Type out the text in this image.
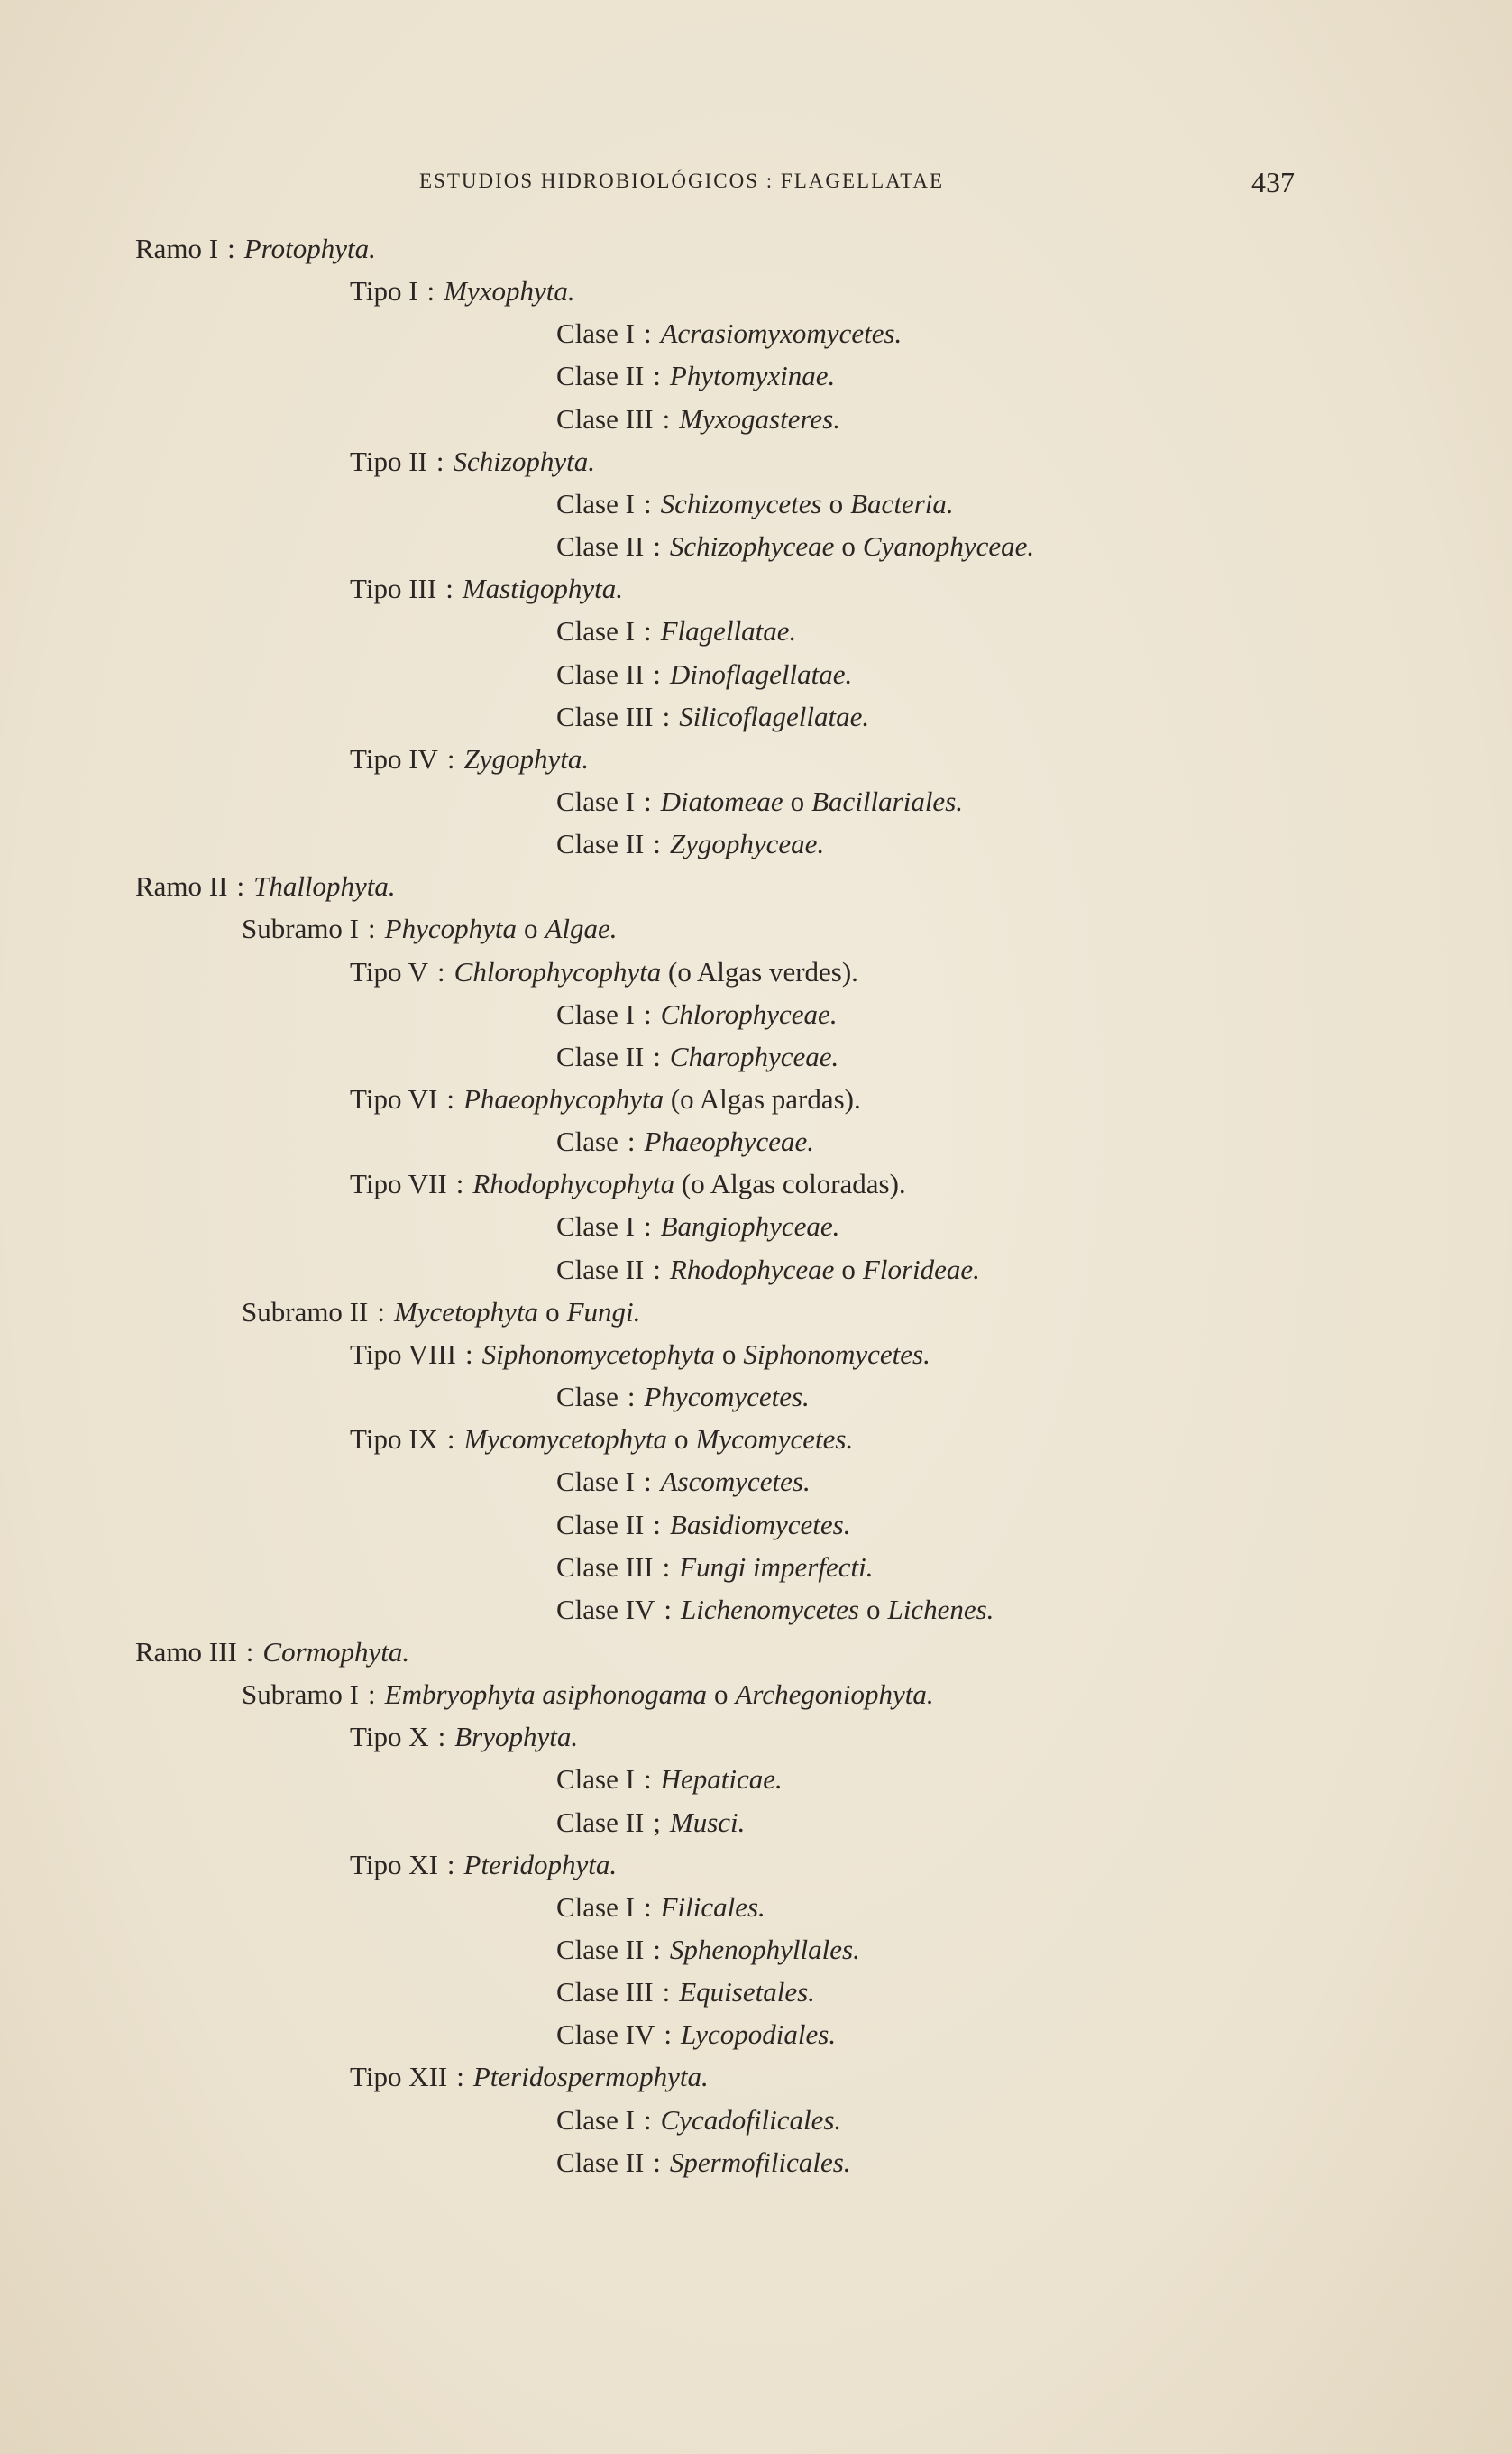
ESTUDIOS HIDROBIOLÓGICOS : FLAGELLATAE	437
Ramo I : Protophyta.
Tipo I : Myxophyta.
Clase I : Acrasiomyxomycetes.
Clase II : Phytomyxinae.
Clase III : Myxogasteres.
Tipo II : Schizophyta.
Clase I : Schizomycetes o Bacteria.
Clase II : Schizophyceae o Cyanophyceae.
Tipo III : Mastigophyta.
Clase I : Flagellatae.
Clase II : Dinoflagellatae.
Clase III : Silicoflagellatae.
Tipo IV : Zygophyta.
Clase I : Diatomeae o Bacillariales.
Clase II : Zygophyceae.
Ramo II : Thallophyta.
Subramo I : Phycophyta o Algae.
Tipo V : Chlorophycophyta (o Algas verdes).
Clase I : Chlorophyceae.
Clase II : Charophyceae.
Tipo VI : Phaeophycophyta (o Algas pardas).
Clase : Phaeophyceae.
Tipo VII : Rhodophycophyta (o Algas coloradas).
Clase I : Bangiophyceae.
Clase II : Rhodophyceae o Florideae.
Subramo II : Mycetophyta o Fungi.
Tipo VIII : Siphonomycetophyta o Siphonomycetes.
Clase : Phycomycetes.
Tipo IX : Mycomycetophyta o Mycomycetes.
Clase I : Ascomycetes.
Clase II : Basidiomycetes.
Clase III : Fungi imperfecti.
Clase IV : Lichenomycetes o Lichenes.
Ramo III : Cormophyta.
Subramo I : Embryophyta asiphonogama o Archegoniophyta.
Tipo X : Bryophyta.
Clase I : Hepaticae.
Clase II ; Musci.
Tipo XI : Pteridophyta.
Clase I : Filicales.
Clase II : Sphenophyllales.
Clase III : Equisetales.
Clase IV : Lycopodiales.
Tipo XII : Pteridospermophyta.
Clase I : Cycadofilicales.
Clase II : Spermofilicales.
